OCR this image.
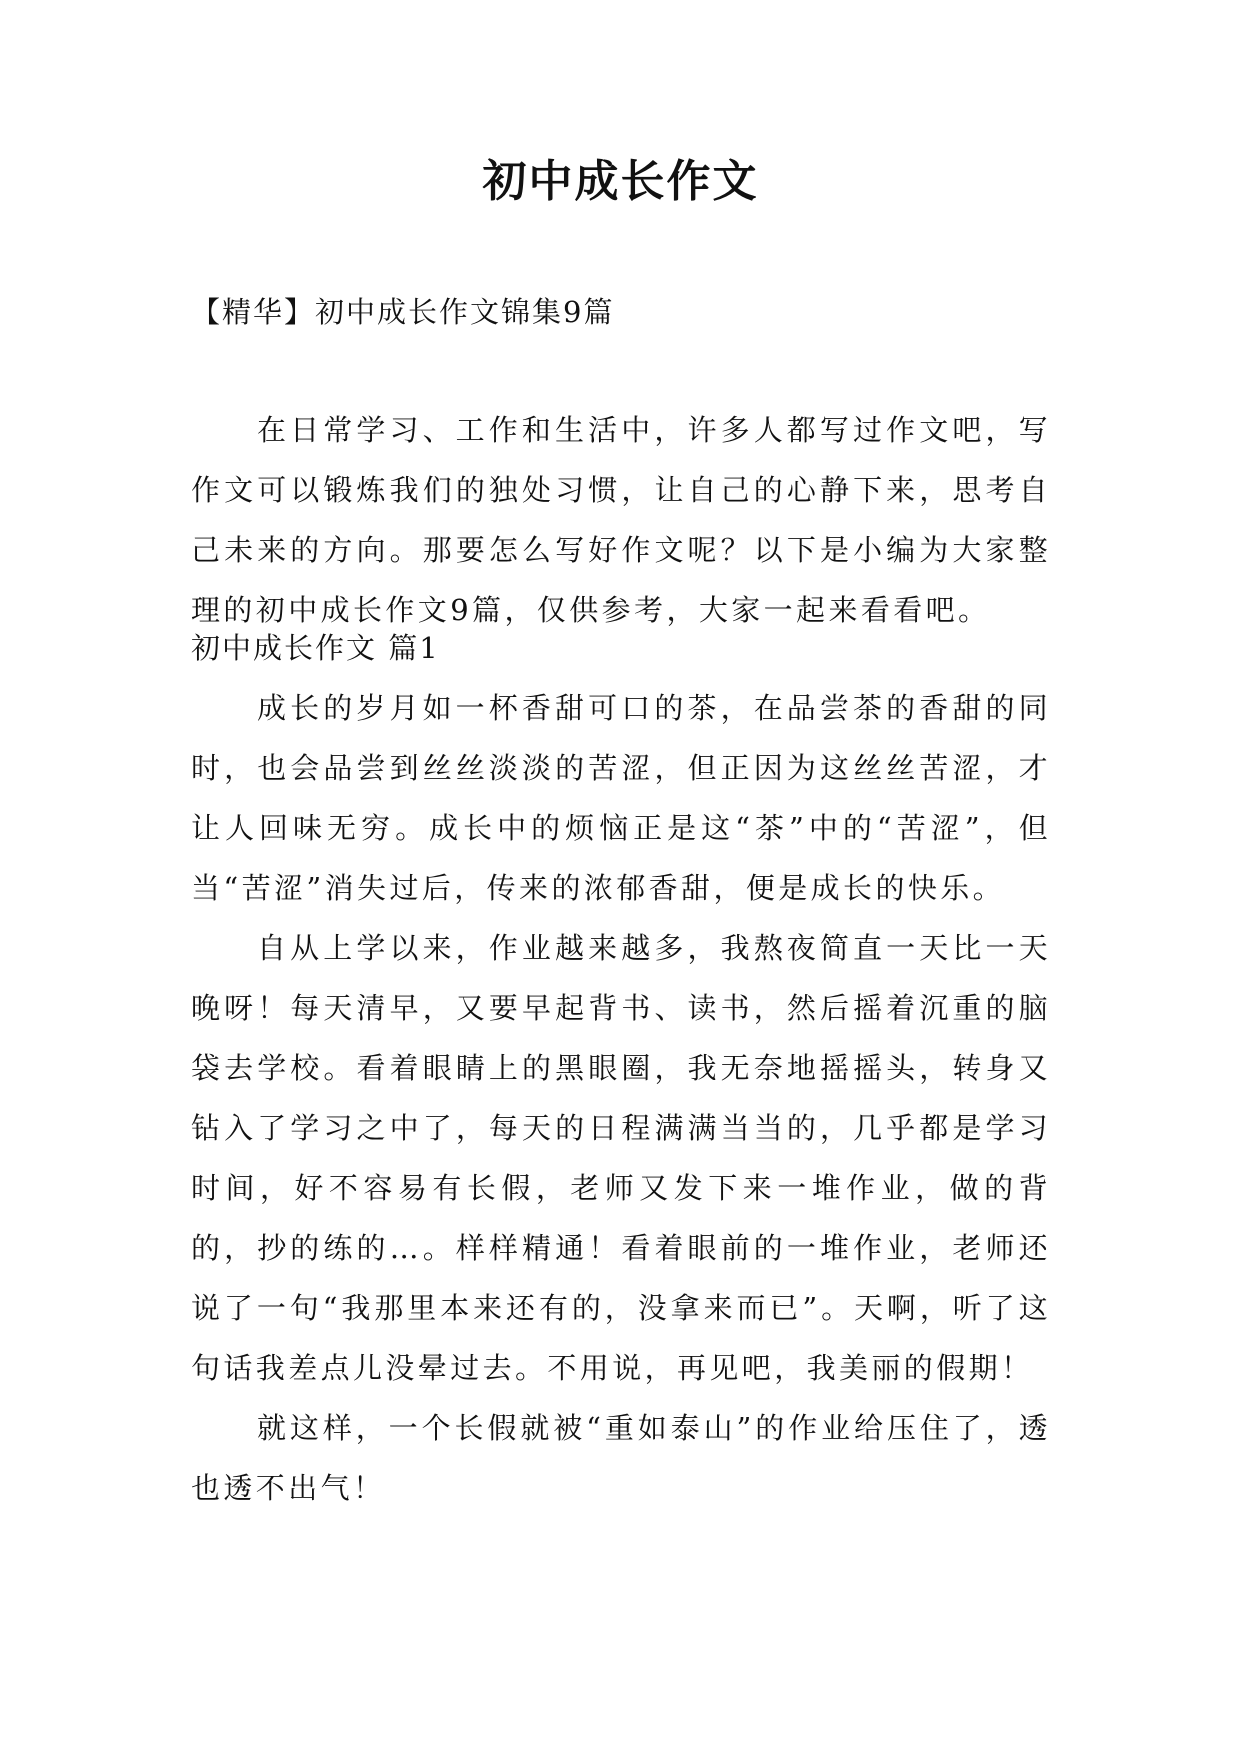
初中成长作文

【精华】初中成长作文锦集9篇

在日常学习、工作和生活中，许多人都写过作文吧，写作文可以锻炼我们的独处习惯，让自己的心静下来，思考自己未来的方向。那要怎么写好作文呢？以下是小编为大家整理的初中成长作文9篇，仅供参考，大家一起来看看吧。

初中成长作文 篇1

成长的岁月如一杯香甜可口的茶，在品尝茶的香甜的同时，也会品尝到丝丝淡淡的苦涩，但正因为这丝丝苦涩，才让人回味无穷。成长中的烦恼正是这“茶”中的“苦涩”，但当“苦涩”消失过后，传来的浓郁香甜，便是成长的快乐。

自从上学以来，作业越来越多，我熬夜简直一天比一天晚呀！每天清早，又要早起背书、读书，然后摇着沉重的脑袋去学校。看着眼睛上的黑眼圈，我无奈地摇摇头，转身又钻入了学习之中了，每天的日程满满当当的，几乎都是学习时间，好不容易有长假，老师又发下来一堆作业，做的背的，抄的练的…。样样精通！看着眼前的一堆作业，老师还说了一句“我那里本来还有的，没拿来而已”。天啊，听了这句话我差点儿没晕过去。不用说，再见吧，我美丽的假期！

就这样，一个长假就被“重如泰山”的作业给压住了，透也透不出气！
